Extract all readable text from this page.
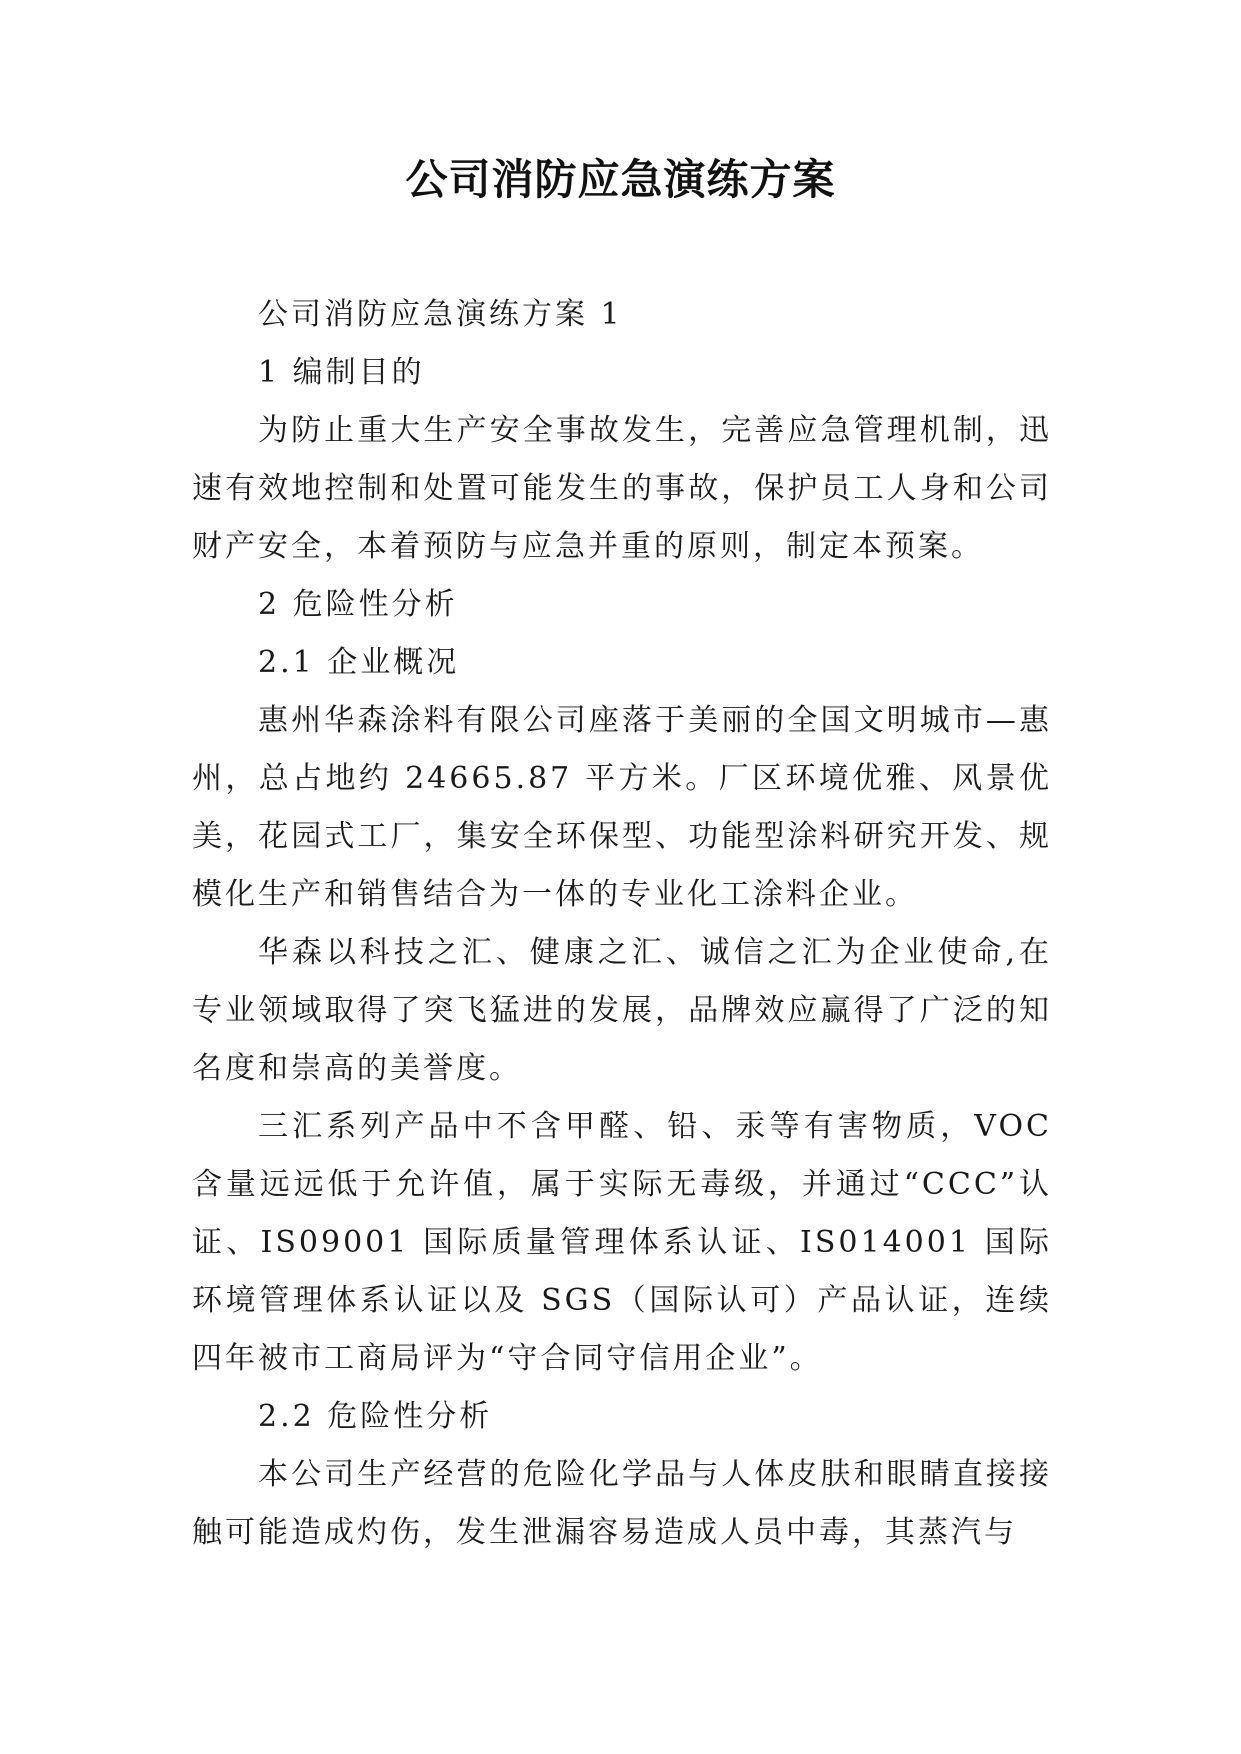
公司消防应急演练方案

公司消防应急演练方案 1

1 编制目的

为防止重大生产安全事故发生，完善应急管理机制，迅速有效地控制和处置可能发生的事故，保护员工人身和公司财产安全，本着预防与应急并重的原则，制定本预案。

2 危险性分析

2.1 企业概况

惠州华森涂料有限公司座落于美丽的全国文明城市—惠州，总占地约 24665.87 平方米。厂区环境优雅、风景优美，花园式工厂，集安全环保型、功能型涂料研究开发、规模化生产和销售结合为一体的专业化工涂料企业。

华森以科技之汇、健康之汇、诚信之汇为企业使命,在专业领域取得了突飞猛进的发展，品牌效应赢得了广泛的知名度和崇高的美誉度。

三汇系列产品中不含甲醛、铅、汞等有害物质，VOC 含量远远低于允许值，属于实际无毒级，并通过“CCC”认证、IS09001 国际质量管理体系认证、IS014001 国际环境管理体系认证以及 SGS（国际认可）产品认证，连续四年被市工商局评为“守合同守信用企业”。

2.2 危险性分析

本公司生产经营的危险化学品与人体皮肤和眼睛直接接触可能造成灼伤，发生泄漏容易造成人员中毒，其蒸汽与
